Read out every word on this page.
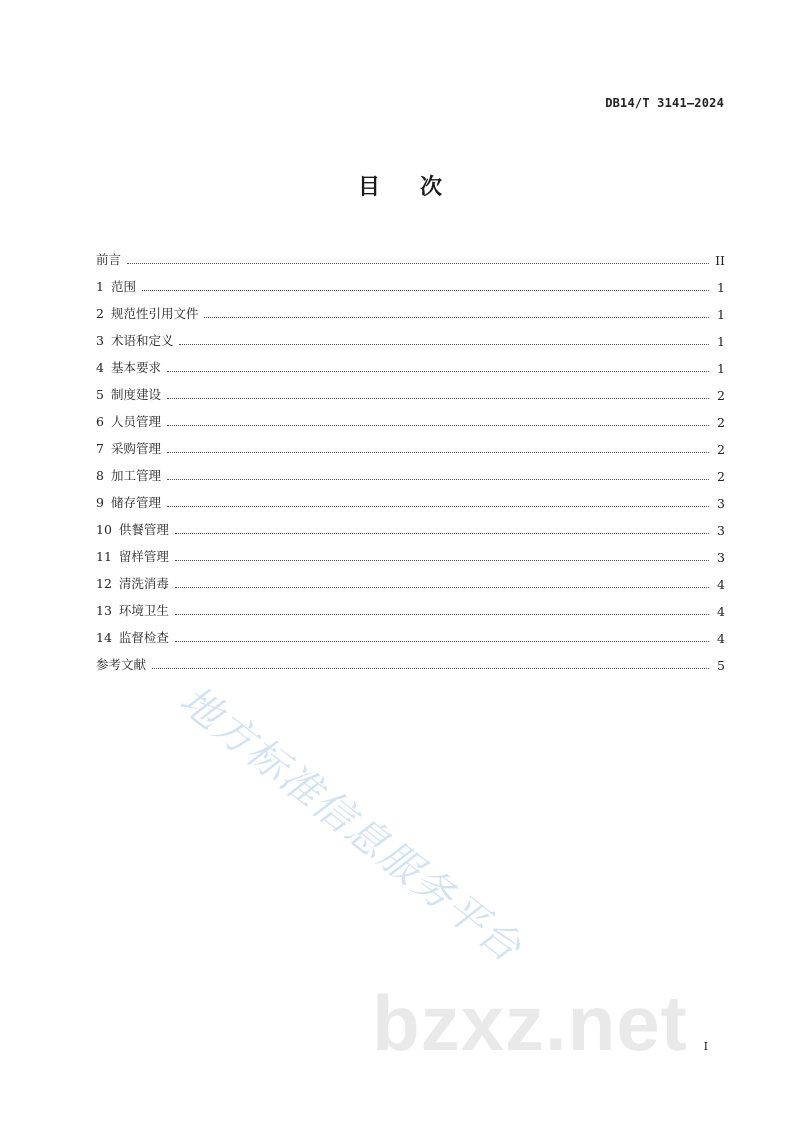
DB14/T 3141—2024
目次
前言	II
1 范围	1
2 规范性引用文件	1
3 术语和定义	1
4 基本要求	1
5 制度建设	2
6 人员管理	2
7 采购管理	2
8 加工管理	2
9 储存管理	3
10 供餐管理	3
11 留样管理	3
12 清洗消毒	4
13 环境卫生	4
14 监督检查	4
参考文献	5
地方标准信息服务平台
bzxz.net I
